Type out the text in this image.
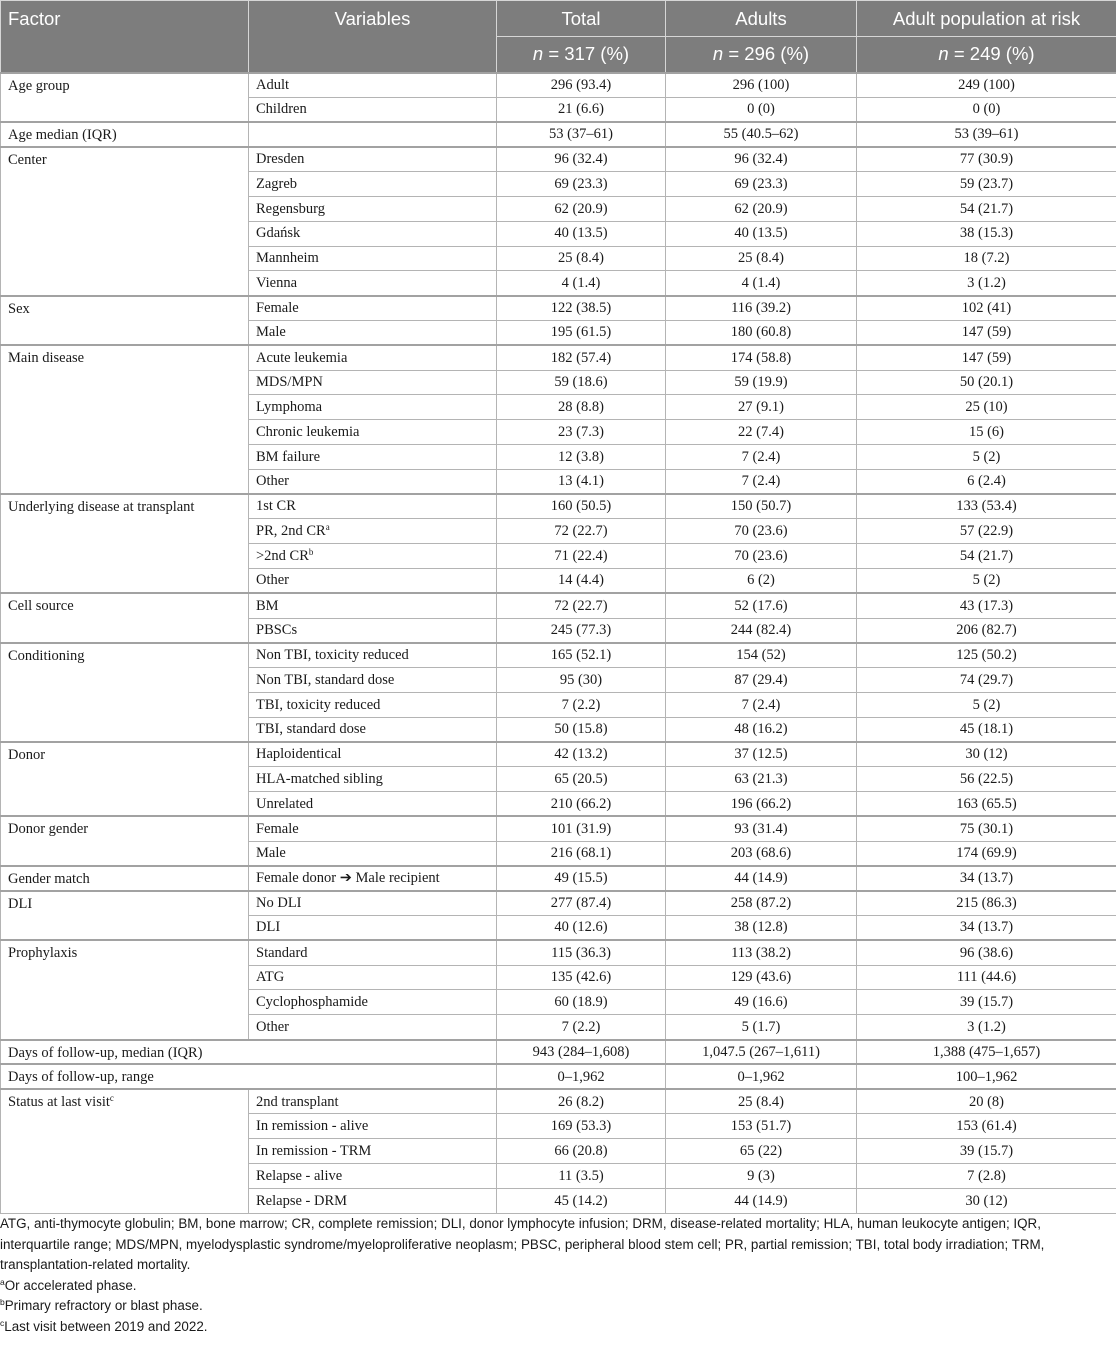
Factor	Variables	Total	Adults	Adult population at risk
		n = 317 (%)	n = 296 (%)	n = 249 (%)
Age group	Adult	296 (93.4)	296 (100)	249 (100)
	Children	21 (6.6)	0 (0)	0 (0)
Age median (IQR)		53 (37–61)	55 (40.5–62)	53 (39–61)
Center	Dresden	96 (32.4)	96 (32.4)	77 (30.9)
	Zagreb	69 (23.3)	69 (23.3)	59 (23.7)
	Regensburg	62 (20.9)	62 (20.9)	54 (21.7)
	Gdańsk	40 (13.5)	40 (13.5)	38 (15.3)
	Mannheim	25 (8.4)	25 (8.4)	18 (7.2)
	Vienna	4 (1.4)	4 (1.4)	3 (1.2)
Sex	Female	122 (38.5)	116 (39.2)	102 (41)
	Male	195 (61.5)	180 (60.8)	147 (59)
Main disease	Acute leukemia	182 (57.4)	174 (58.8)	147 (59)
	MDS/MPN	59 (18.6)	59 (19.9)	50 (20.1)
	Lymphoma	28 (8.8)	27 (9.1)	25 (10)
	Chronic leukemia	23 (7.3)	22 (7.4)	15 (6)
	BM failure	12 (3.8)	7 (2.4)	5 (2)
	Other	13 (4.1)	7 (2.4)	6 (2.4)
Underlying disease at transplant	1st CR	160 (50.5)	150 (50.7)	133 (53.4)
	PR, 2nd $CR^a$	72 (22.7)	70 (23.6)	57 (22.9)
	>2nd $CR^b$	71 (22.4)	70 (23.6)	54 (21.7)
	Other	14 (4.4)	6 (2)	5 (2)
Cell source	BM	72 (22.7)	52 (17.6)	43 (17.3)
	PBSCs	245 (77.3)	244 (82.4)	206 (82.7)
Conditioning	Non TBI, toxicity reduced	165 (52.1)	154 (52)	125 (50.2)
	Non TBI, standard dose	95 (30)	87 (29.4)	74 (29.7)
	TBI, toxicity reduced	7 (2.2)	7 (2.4)	5 (2)
	TBI, standard dose	50 (15.8)	48 (16.2)	45 (18.1)
Donor	Haploidentical	42 (13.2)	37 (12.5)	30 (12)
	HLA-matched sibling	65 (20.5)	63 (21.3)	56 (22.5)
	Unrelated	210 (66.2)	196 (66.2)	163 (65.5)
Donor gender	Female	101 (31.9)	93 (31.4)	75 (30.1)
	Male	216 (68.1)	203 (68.6)	174 (69.9)
Gender match	Female donor ➔ Male recipient	49 (15.5)	44 (14.9)	34 (13.7)
DLI	No DLI	277 (87.4)	258 (87.2)	215 (86.3)
	DLI	40 (12.6)	38 (12.8)	34 (13.7)
Prophylaxis	Standard	115 (36.3)	113 (38.2)	96 (38.6)
	ATG	135 (42.6)	129 (43.6)	111 (44.6)
	Cyclophosphamide	60 (18.9)	49 (16.6)	39 (15.7)
	Other	7 (2.2)	5 (1.7)	3 (1.2)
Days of follow-up, median (IQR)		943 (284–1,608)	1,047.5 (267–1,611)	1,388 (475–1,657)
Days of follow-up, range		0–1,962	0–1,962	100–1,962
Status at last visit$^c$	2nd transplant	26 (8.2)	25 (8.4)	20 (8)
	In remission - alive	169 (53.3)	153 (51.7)	153 (61.4)
	In remission - TRM	66 (20.8)	65 (22)	39 (15.7)
	Relapse - alive	11 (3.5)	9 (3)	7 (2.8)
	Relapse - DRM	45 (14.2)	44 (14.9)	30 (12)

ATG, anti-thymocyte globulin; BM, bone marrow; CR, complete remission; DLI, donor lymphocyte infusion; DRM, disease-related mortality; HLA, human leukocyte antigen; IQR, interquartile range; MDS/MPN, myelodysplastic syndrome/myeloproliferative neoplasm; PBSC, peripheral blood stem cell; PR, partial remission; TBI, total body irradiation; TRM, transplantation-related mortality.

$^a$Or accelerated phase.

$^b$Primary refractory or blast phase.

$^c$Last visit between 2019 and 2022.
